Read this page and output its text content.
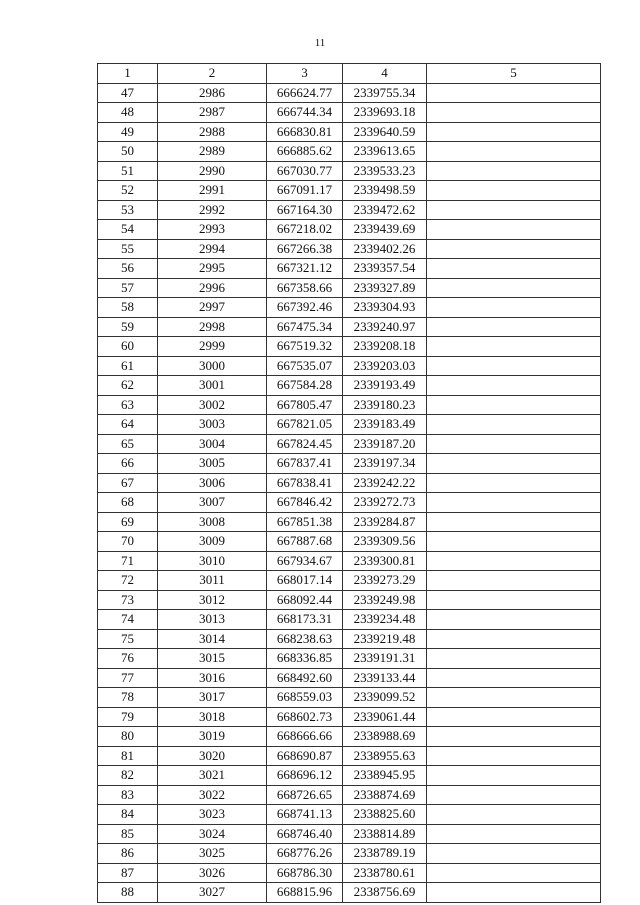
11
1	2	3	4	5
47	2986	666624.77	2339755.34	
48	2987	666744.34	2339693.18	
49	2988	666830.81	2339640.59	
50	2989	666885.62	2339613.65	
51	2990	667030.77	2339533.23	
52	2991	667091.17	2339498.59	
53	2992	667164.30	2339472.62	
54	2993	667218.02	2339439.69	
55	2994	667266.38	2339402.26	
56	2995	667321.12	2339357.54	
57	2996	667358.66	2339327.89	
58	2997	667392.46	2339304.93	
59	2998	667475.34	2339240.97	
60	2999	667519.32	2339208.18	
61	3000	667535.07	2339203.03	
62	3001	667584.28	2339193.49	
63	3002	667805.47	2339180.23	
64	3003	667821.05	2339183.49	
65	3004	667824.45	2339187.20	
66	3005	667837.41	2339197.34	
67	3006	667838.41	2339242.22	
68	3007	667846.42	2339272.73	
69	3008	667851.38	2339284.87	
70	3009	667887.68	2339309.56	
71	3010	667934.67	2339300.81	
72	3011	668017.14	2339273.29	
73	3012	668092.44	2339249.98	
74	3013	668173.31	2339234.48	
75	3014	668238.63	2339219.48	
76	3015	668336.85	2339191.31	
77	3016	668492.60	2339133.44	
78	3017	668559.03	2339099.52	
79	3018	668602.73	2339061.44	
80	3019	668666.66	2338988.69	
81	3020	668690.87	2338955.63	
82	3021	668696.12	2338945.95	
83	3022	668726.65	2338874.69	
84	3023	668741.13	2338825.60	
85	3024	668746.40	2338814.89	
86	3025	668776.26	2338789.19	
87	3026	668786.30	2338780.61	
88	3027	668815.96	2338756.69	
